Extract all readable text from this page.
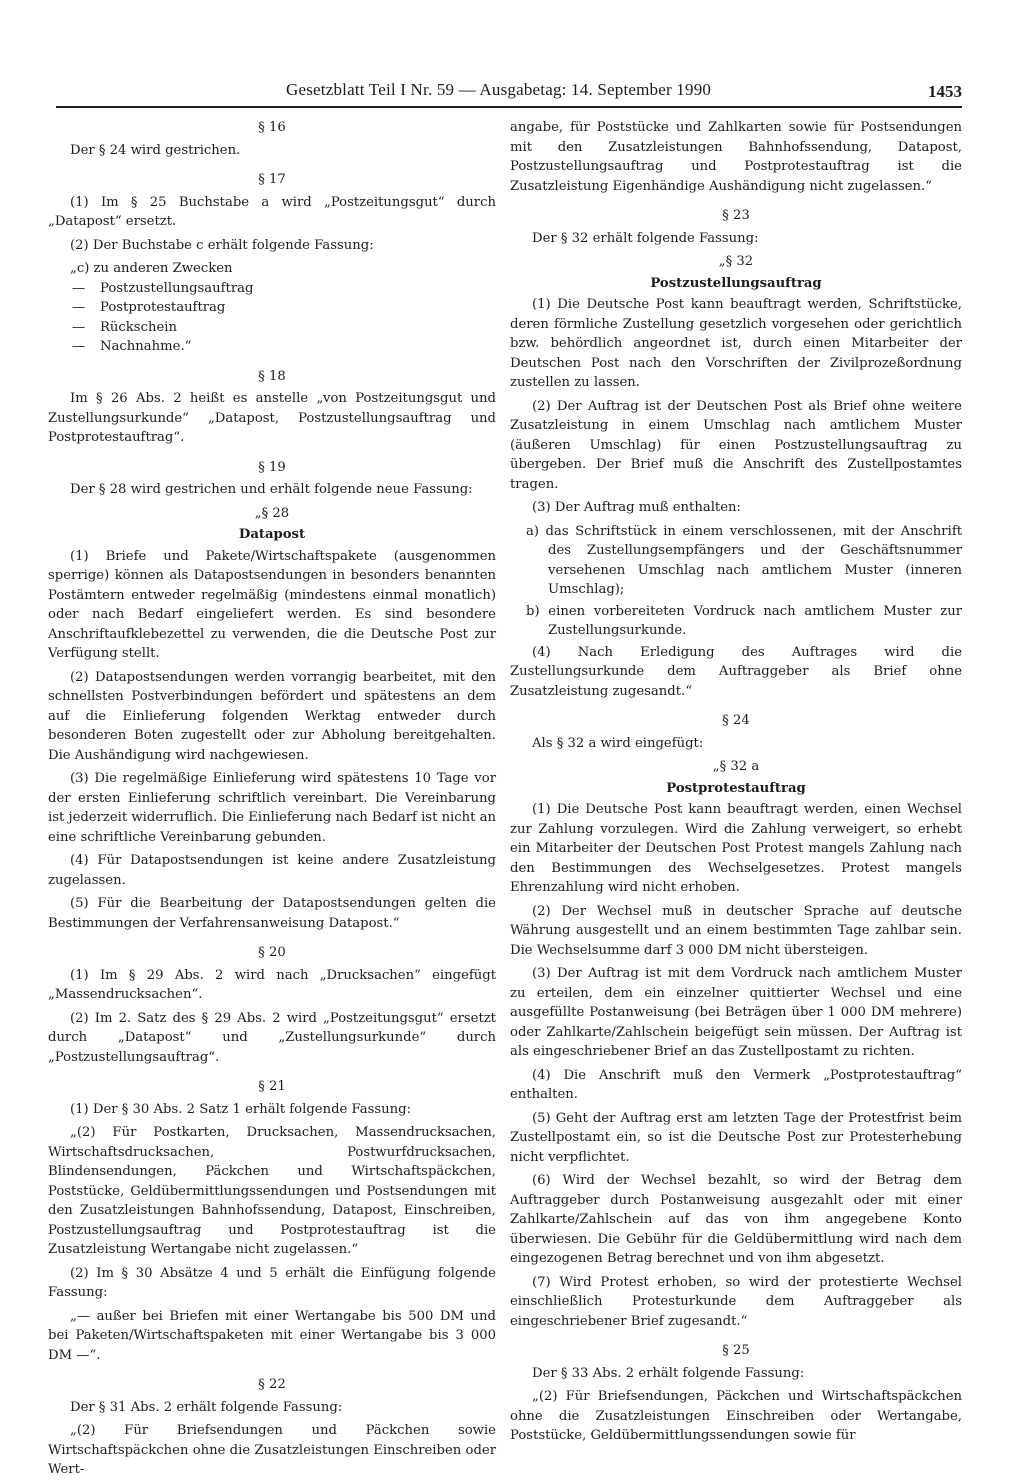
Gesetzblatt Teil I Nr. 59 — Ausgabetag: 14. September 1990	1453

§ 16

Der § 24 wird gestrichen.

§ 17

(1) Im § 25 Buchstabe a wird „Postzeitungsgut“ durch „Datapost“ ersetzt.

(2) Der Buchstabe c erhält folgende Fassung:

„c) zu anderen Zwecken

— Postzustellungsauftrag
— Postprotestauftrag
— Rückschein
— Nachnahme.“

§ 18

Im § 26 Abs. 2 heißt es anstelle „von Postzeitungsgut und Zustellungsurkunde“ „Datapost, Postzustellungsauftrag und Postprotestauftrag“.

§ 19

Der § 28 wird gestrichen und erhält folgende neue Fassung:

„§ 28

Datapost

(1) Briefe und Pakete/Wirtschaftspakete (ausgenommen sperrige) können als Datapostsendungen in besonders benannten Postämtern entweder regelmäßig (mindestens einmal monatlich) oder nach Bedarf eingeliefert werden. Es sind besondere Anschriftaufklebezettel zu verwenden, die die Deutsche Post zur Verfügung stellt.

(2) Datapostsendungen werden vorrangig bearbeitet, mit den schnellsten Postverbindungen befördert und spätestens an dem auf die Einlieferung folgenden Werktag entweder durch besonderen Boten zugestellt oder zur Abholung bereitgehalten. Die Aushändigung wird nachgewiesen.

(3) Die regelmäßige Einlieferung wird spätestens 10 Tage vor der ersten Einlieferung schriftlich vereinbart. Die Vereinbarung ist jederzeit widerruflich. Die Einlieferung nach Bedarf ist nicht an eine schriftliche Vereinbarung gebunden.

(4) Für Datapostsendungen ist keine andere Zusatzleistung zugelassen.

(5) Für die Bearbeitung der Datapostsendungen gelten die Bestimmungen der Verfahrensanweisung Datapost.“

§ 20

(1) Im § 29 Abs. 2 wird nach „Drucksachen“ eingefügt „Massendrucksachen“.

(2) Im 2. Satz des § 29 Abs. 2 wird „Postzeitungsgut“ ersetzt durch „Datapost“ und „Zustellungsurkunde“ durch „Postzustellungsauftrag“.

§ 21

(1) Der § 30 Abs. 2 Satz 1 erhält folgende Fassung:

„(2) Für Postkarten, Drucksachen, Massendrucksachen, Wirtschaftsdrucksachen, Postwurfdrucksachen, Blindensendungen, Päckchen und Wirtschaftspäckchen, Poststücke, Geldübermittlungssendungen und Postsendungen mit den Zusatzleistungen Bahnhofssendung, Datapost, Einschreiben, Postzustellungsauftrag und Postprotestauftrag ist die Zusatzleistung Wertangabe nicht zugelassen.“

(2) Im § 30 Absätze 4 und 5 erhält die Einfügung folgende Fassung:

„— außer bei Briefen mit einer Wertangabe bis 500 DM und bei Paketen/Wirtschaftspaketen mit einer Wertangabe bis 3 000 DM —“.

§ 22

Der § 31 Abs. 2 erhält folgende Fassung:

„(2) Für Briefsendungen und Päckchen sowie Wirtschaftspäckchen ohne die Zusatzleistungen Einschreiben oder Wert-

angabe, für Poststücke und Zahlkarten sowie für Postsendungen mit den Zusatzleistungen Bahnhofssendung, Datapost, Postzustellungsauftrag und Postprotestauftrag ist die Zusatzleistung Eigenhändige Aushändigung nicht zugelassen.“

§ 23

Der § 32 erhält folgende Fassung:

„§ 32

Postzustellungsauftrag

(1) Die Deutsche Post kann beauftragt werden, Schriftstücke, deren förmliche Zustellung gesetzlich vorgesehen oder gerichtlich bzw. behördlich angeordnet ist, durch einen Mitarbeiter der Deutschen Post nach den Vorschriften der Zivilprozeßordnung zustellen zu lassen.

(2) Der Auftrag ist der Deutschen Post als Brief ohne weitere Zusatzleistung in einem Umschlag nach amtlichem Muster (äußeren Umschlag) für einen Postzustellungsauftrag zu übergeben. Der Brief muß die Anschrift des Zustellpostamtes tragen.

(3) Der Auftrag muß enthalten:

a) das Schriftstück in einem verschlossenen, mit der Anschrift des Zustellungsempfängers und der Geschäftsnummer versehenen Umschlag nach amtlichem Muster (inneren Umschlag);

b) einen vorbereiteten Vordruck nach amtlichem Muster zur Zustellungsurkunde.

(4) Nach Erledigung des Auftrages wird die Zustellungsurkunde dem Auftraggeber als Brief ohne Zusatzleistung zugesandt.“

§ 24

Als § 32 a wird eingefügt:

„§ 32 a

Postprotestauftrag

(1) Die Deutsche Post kann beauftragt werden, einen Wechsel zur Zahlung vorzulegen. Wird die Zahlung verweigert, so erhebt ein Mitarbeiter der Deutschen Post Protest mangels Zahlung nach den Bestimmungen des Wechselgesetzes. Protest mangels Ehrenzahlung wird nicht erhoben.

(2) Der Wechsel muß in deutscher Sprache auf deutsche Währung ausgestellt und an einem bestimmten Tage zahlbar sein. Die Wechselsumme darf 3 000 DM nicht übersteigen.

(3) Der Auftrag ist mit dem Vordruck nach amtlichem Muster zu erteilen, dem ein einzelner quittierter Wechsel und eine ausgefüllte Postanweisung (bei Beträgen über 1 000 DM mehrere) oder Zahlkarte/Zahlschein beigefügt sein müssen. Der Auftrag ist als eingeschriebener Brief an das Zustellpostamt zu richten.

(4) Die Anschrift muß den Vermerk „Postprotestauftrag“ enthalten.

(5) Geht der Auftrag erst am letzten Tage der Protestfrist beim Zustellpostamt ein, so ist die Deutsche Post zur Protesterhebung nicht verpflichtet.

(6) Wird der Wechsel bezahlt, so wird der Betrag dem Auftraggeber durch Postanweisung ausgezahlt oder mit einer Zahlkarte/Zahlschein auf das von ihm angegebene Konto überwiesen. Die Gebühr für die Geldübermittlung wird nach dem eingezogenen Betrag berechnet und von ihm abgesetzt.

(7) Wird Protest erhoben, so wird der protestierte Wechsel einschließlich Protesturkunde dem Auftraggeber als eingeschriebener Brief zugesandt.“

§ 25

Der § 33 Abs. 2 erhält folgende Fassung:

„(2) Für Briefsendungen, Päckchen und Wirtschaftspäckchen ohne die Zusatzleistungen Einschreiben oder Wertangabe, Poststücke, Geldübermittlungssendungen sowie für
